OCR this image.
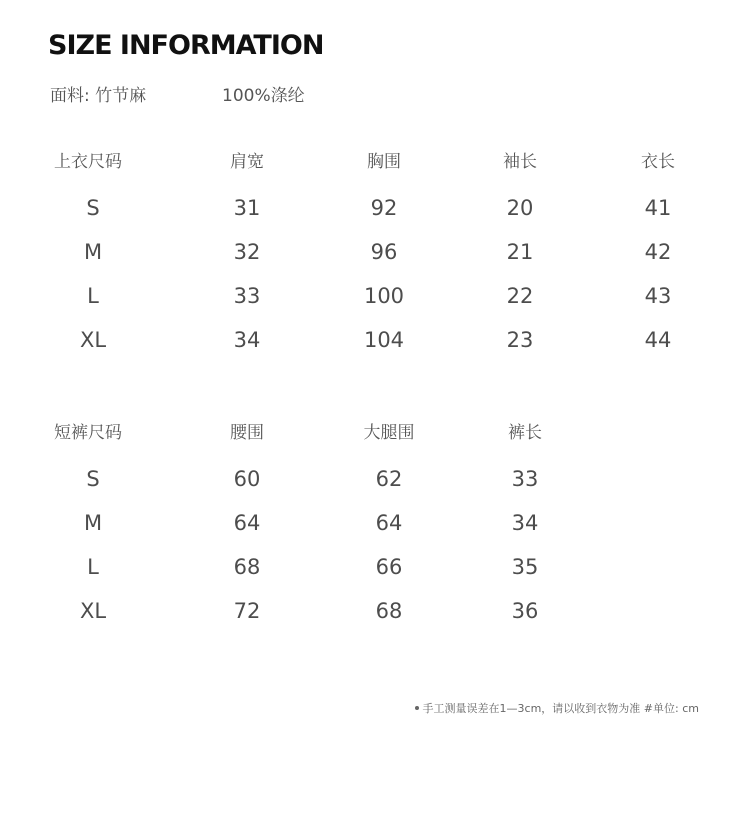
SIZE INFORMATION
面料: 竹节麻	100%涤纶
上衣尺码	肩宽	胸围	袖长	衣长
S	31	92	20	41
M	32	96	21	42
L	33	100	22	43
XL	34	104	23	44
短裤尺码	腰围	大腿围	裤长
S	60	62	33
M	64	64	34
L	68	66	35
XL	72	68	36
手工测量误差在1—3cm，请以收到衣物为准 #单位: cm
